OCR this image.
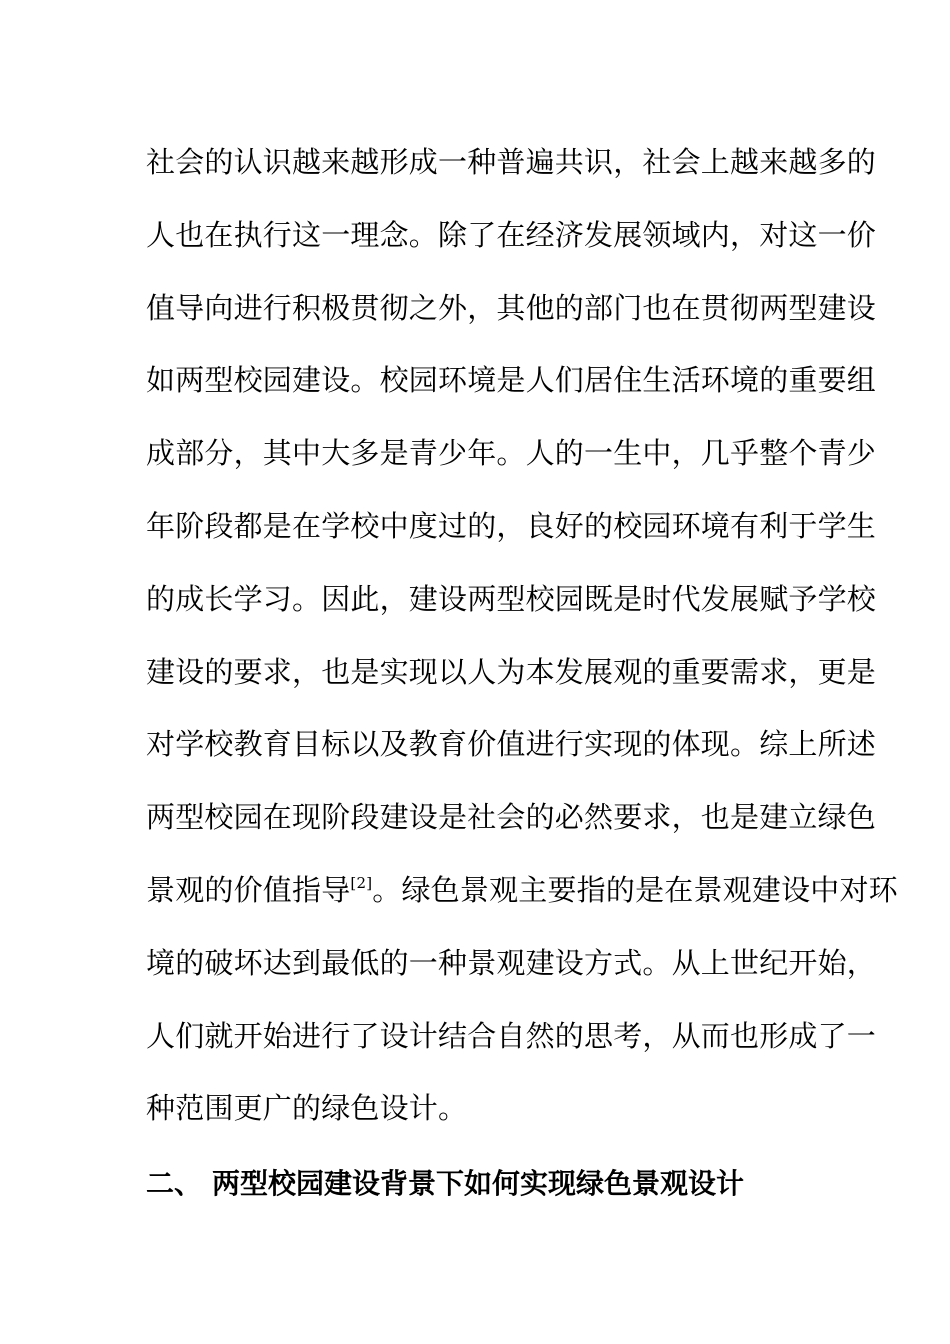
社会的认识越来越形成一种普遍共识，社会上越来越多的
人也在执行这一理念。除了在经济发展领域内，对这一价
值导向进行积极贯彻之外，其他的部门也在贯彻两型建设
如两型校园建设。校园环境是人们居住生活环境的重要组
成部分，其中大多是青少年。人的一生中，几乎整个青少
年阶段都是在学校中度过的，良好的校园环境有利于学生
的成长学习。因此，建设两型校园既是时代发展赋予学校
建设的要求，也是实现以人为本发展观的重要需求，更是
对学校教育目标以及教育价值进行实现的体现。综上所述
两型校园在现阶段建设是社会的必然要求，也是建立绿色
景观的价值指导[2]。绿色景观主要指的是在景观建设中对环
境的破坏达到最低的一种景观建设方式。从上世纪开始，
人们就开始进行了设计结合自然的思考，从而也形成了一
种范围更广的绿色设计。

二、 两型校园建设背景下如何实现绿色景观设计
